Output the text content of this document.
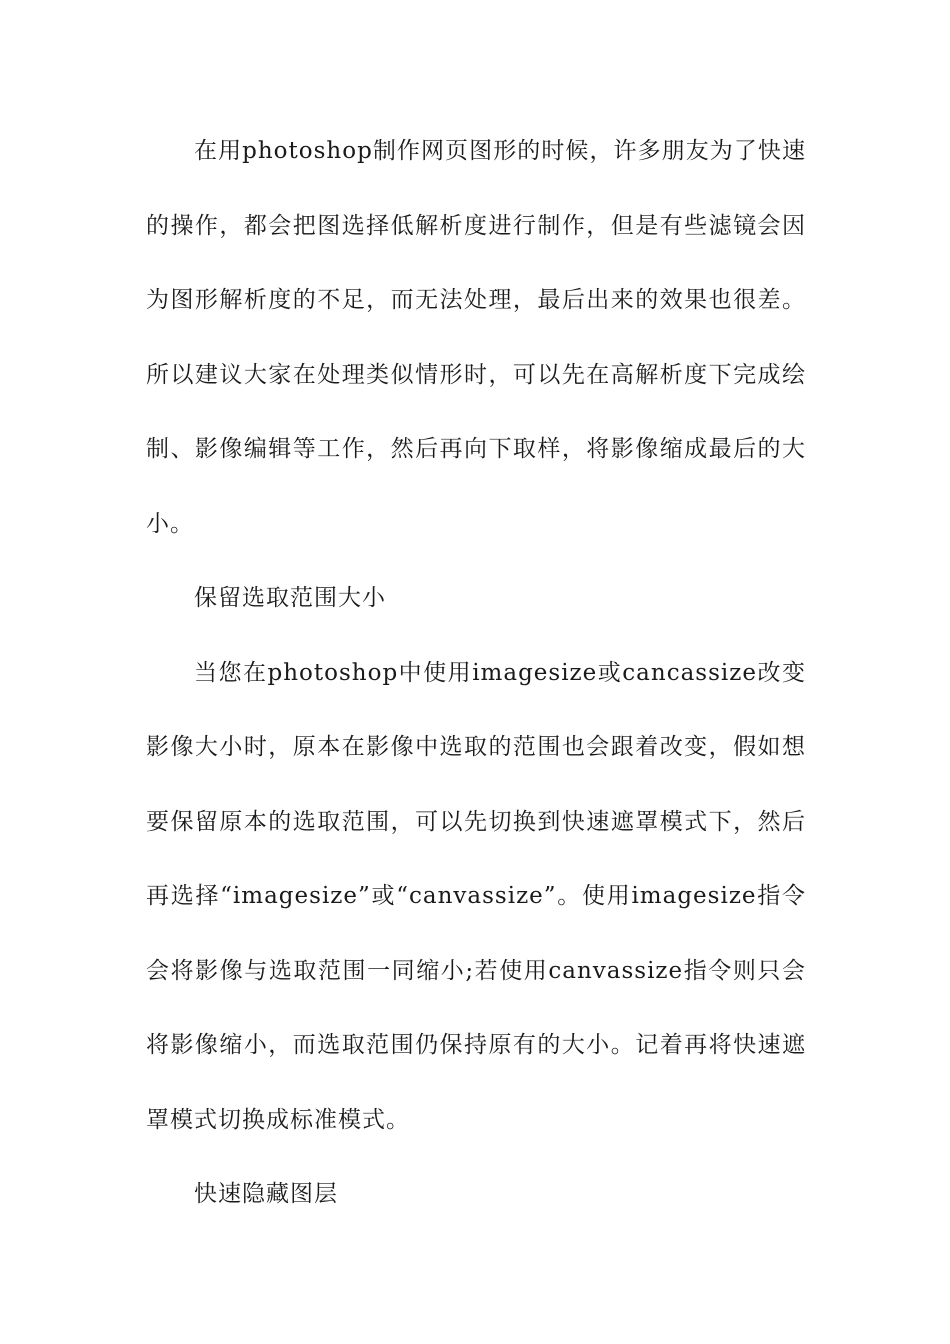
在用photoshop制作网页图形的时候，许多朋友为了快速的操作，都会把图选择低解析度进行制作，但是有些滤镜会因为图形解析度的不足，而无法处理，最后出来的效果也很差。所以建议大家在处理类似情形时，可以先在高解析度下完成绘制、影像编辑等工作，然后再向下取样，将影像缩成最后的大小。

保留选取范围大小

当您在photoshop中使用imagesize或cancassize改变影像大小时，原本在影像中选取的范围也会跟着改变，假如想要保留原本的选取范围，可以先切换到快速遮罩模式下，然后再选择“imagesize”或“canvassize”。使用imagesize指令会将影像与选取范围一同缩小;若使用canvassize指令则只会将影像缩小，而选取范围仍保持原有的大小。记着再将快速遮罩模式切换成标准模式。

快速隐藏图层
